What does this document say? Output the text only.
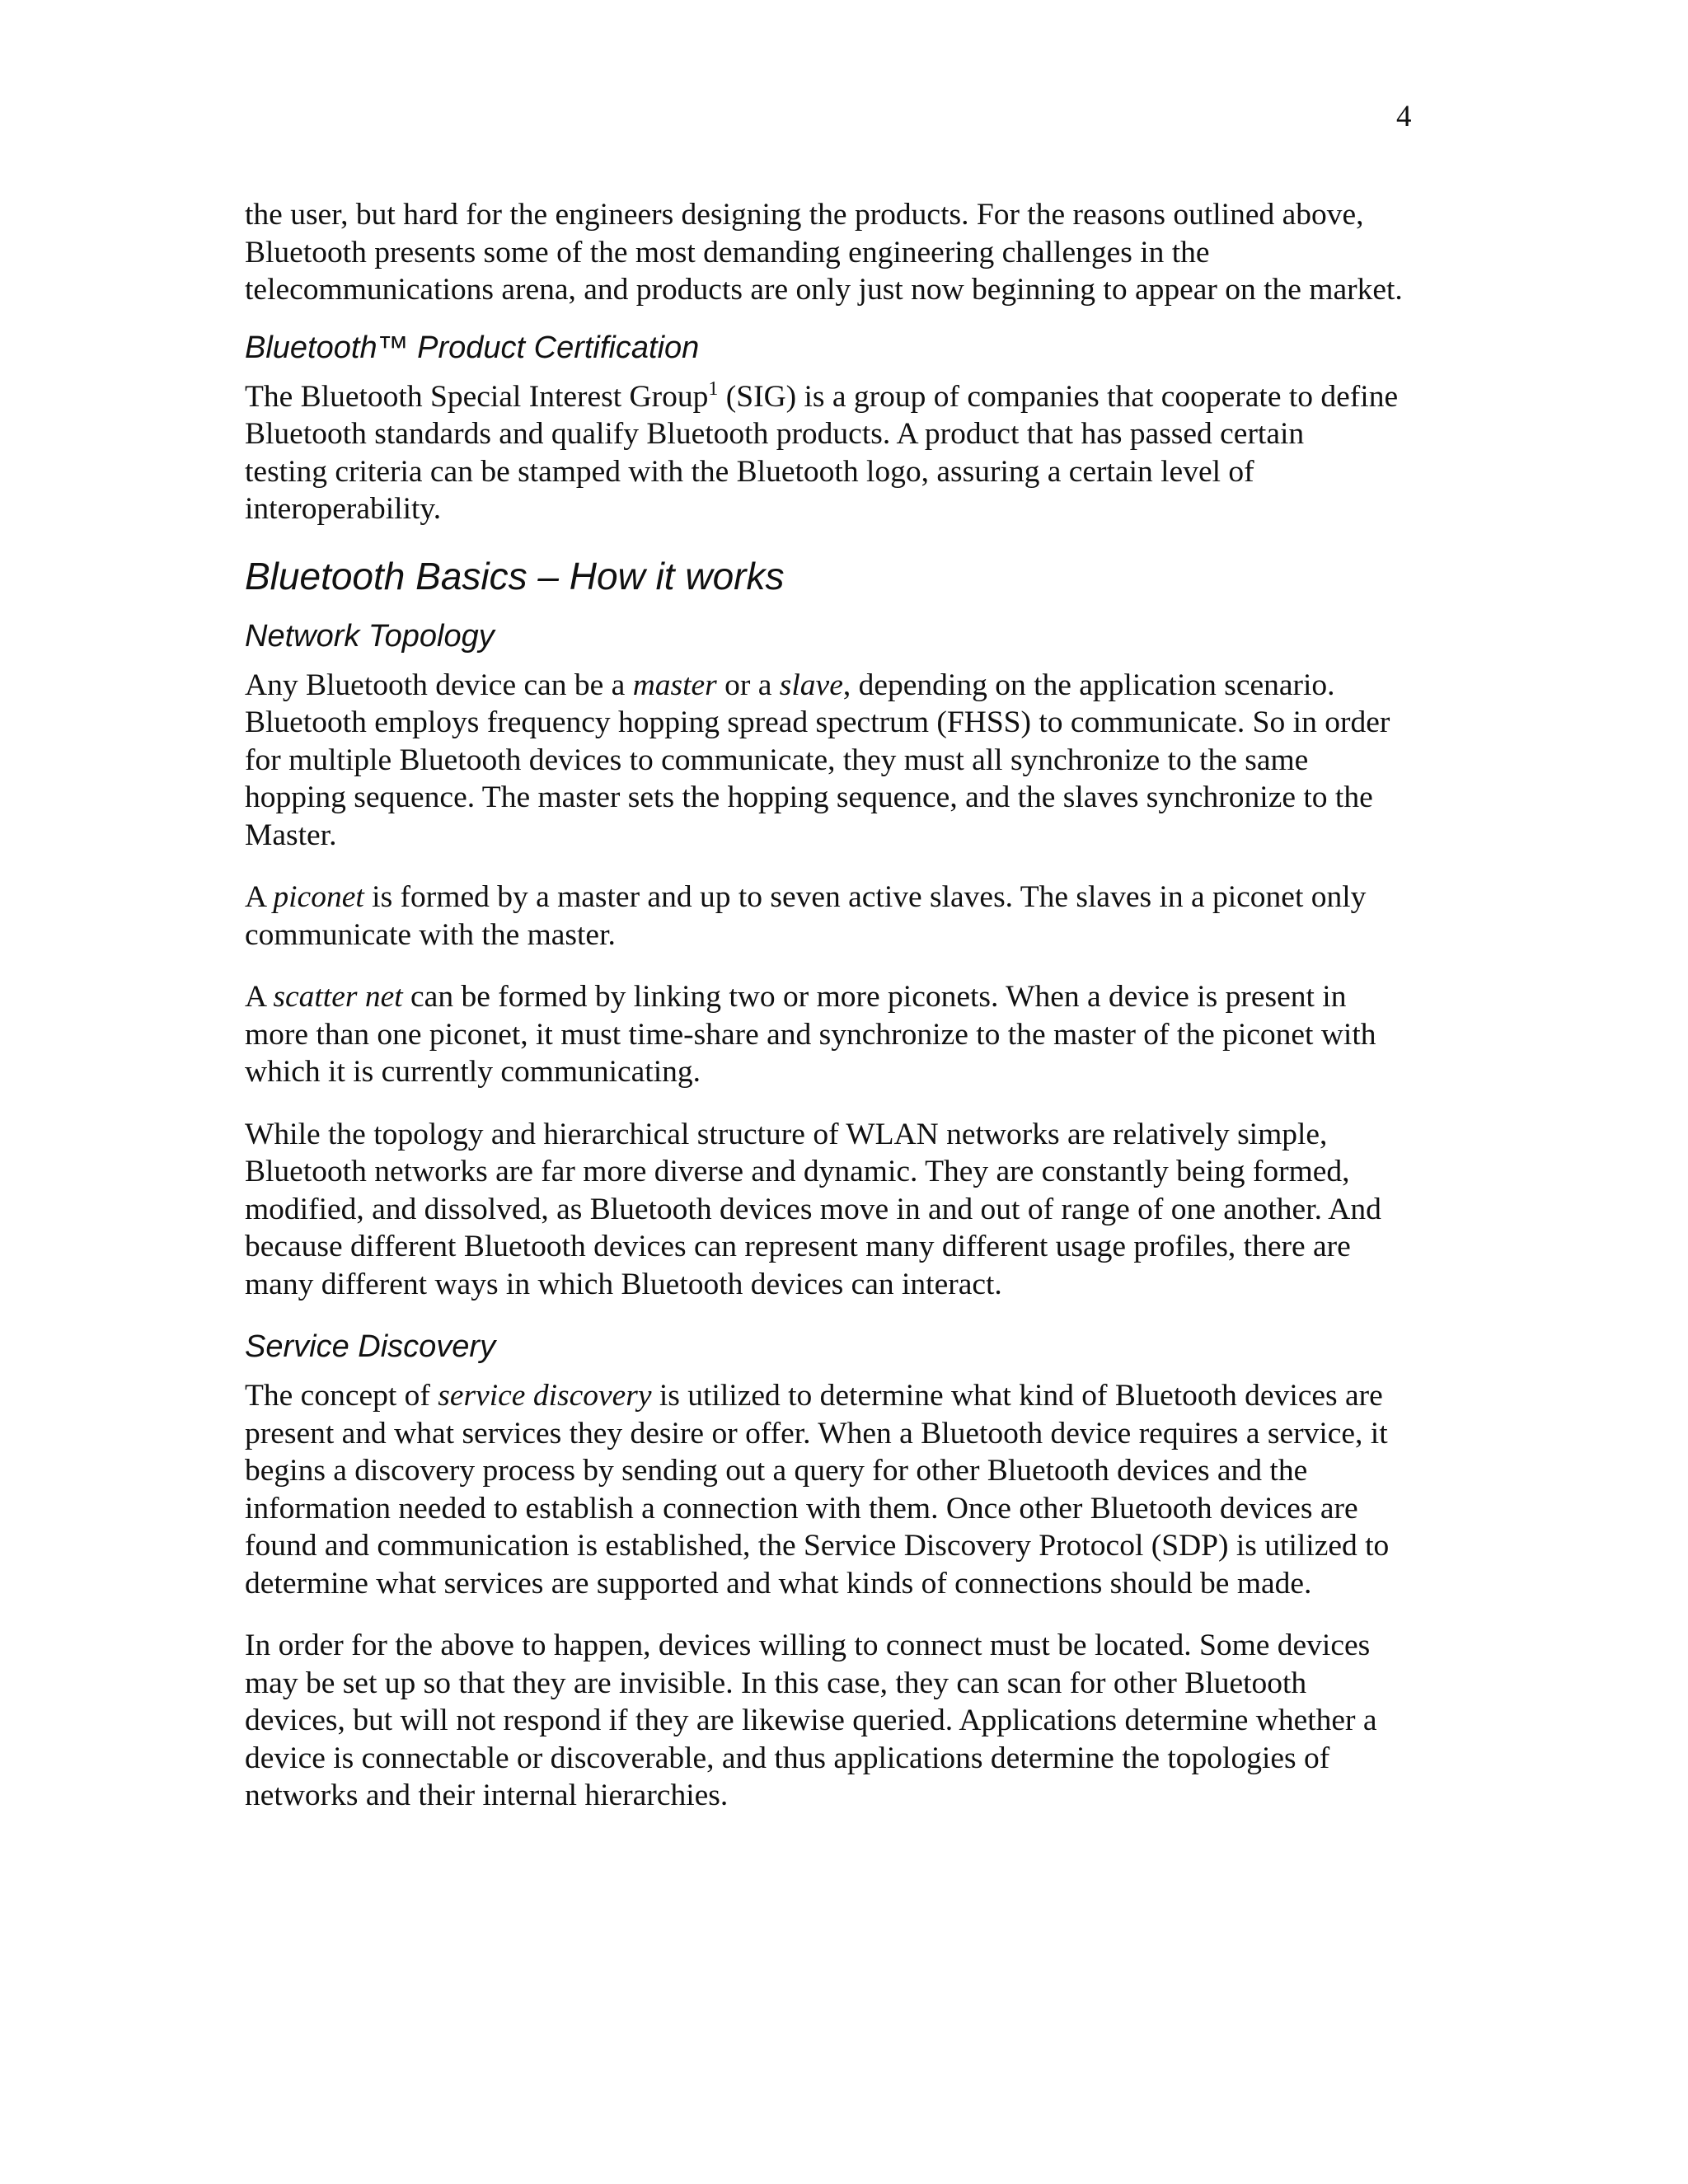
4

the user, but hard for the engineers designing the products. For the reasons outlined above,
Bluetooth presents some of the most demanding engineering challenges in the
telecommunications arena, and products are only just now beginning to appear on the market.

Bluetooth™ Product Certification

The Bluetooth Special Interest Group$^1$ (SIG) is a group of companies that cooperate to define
Bluetooth standards and qualify Bluetooth products. A product that has passed certain
testing criteria can be stamped with the Bluetooth logo, assuring a certain level of
interoperability.

Bluetooth Basics – How it works
Network Topology

Any Bluetooth device can be a master or a slave, depending on the application scenario.
Bluetooth employs frequency hopping spread spectrum (FHSS) to communicate. So in order
for multiple Bluetooth devices to communicate, they must all synchronize to the same
hopping sequence. The master sets the hopping sequence, and the slaves synchronize to the
Master.

A piconet is formed by a master and up to seven active slaves. The slaves in a piconet only
communicate with the master.

A scatter net can be formed by linking two or more piconets. When a device is present in
more than one piconet, it must time-share and synchronize to the master of the piconet with
which it is currently communicating.

While the topology and hierarchical structure of WLAN networks are relatively simple,
Bluetooth networks are far more diverse and dynamic. They are constantly being formed,
modified, and dissolved, as Bluetooth devices move in and out of range of one another. And
because different Bluetooth devices can represent many different usage profiles, there are
many different ways in which Bluetooth devices can interact.

Service Discovery

The concept of service discovery is utilized to determine what kind of Bluetooth devices are
present and what services they desire or offer. When a Bluetooth device requires a service, it
begins a discovery process by sending out a query for other Bluetooth devices and the
information needed to establish a connection with them. Once other Bluetooth devices are
found and communication is established, the Service Discovery Protocol (SDP) is utilized to
determine what services are supported and what kinds of connections should be made.

In order for the above to happen, devices willing to connect must be located. Some devices
may be set up so that they are invisible. In this case, they can scan for other Bluetooth
devices, but will not respond if they are likewise queried. Applications determine whether a
device is connectable or discoverable, and thus applications determine the topologies of
networks and their internal hierarchies.
